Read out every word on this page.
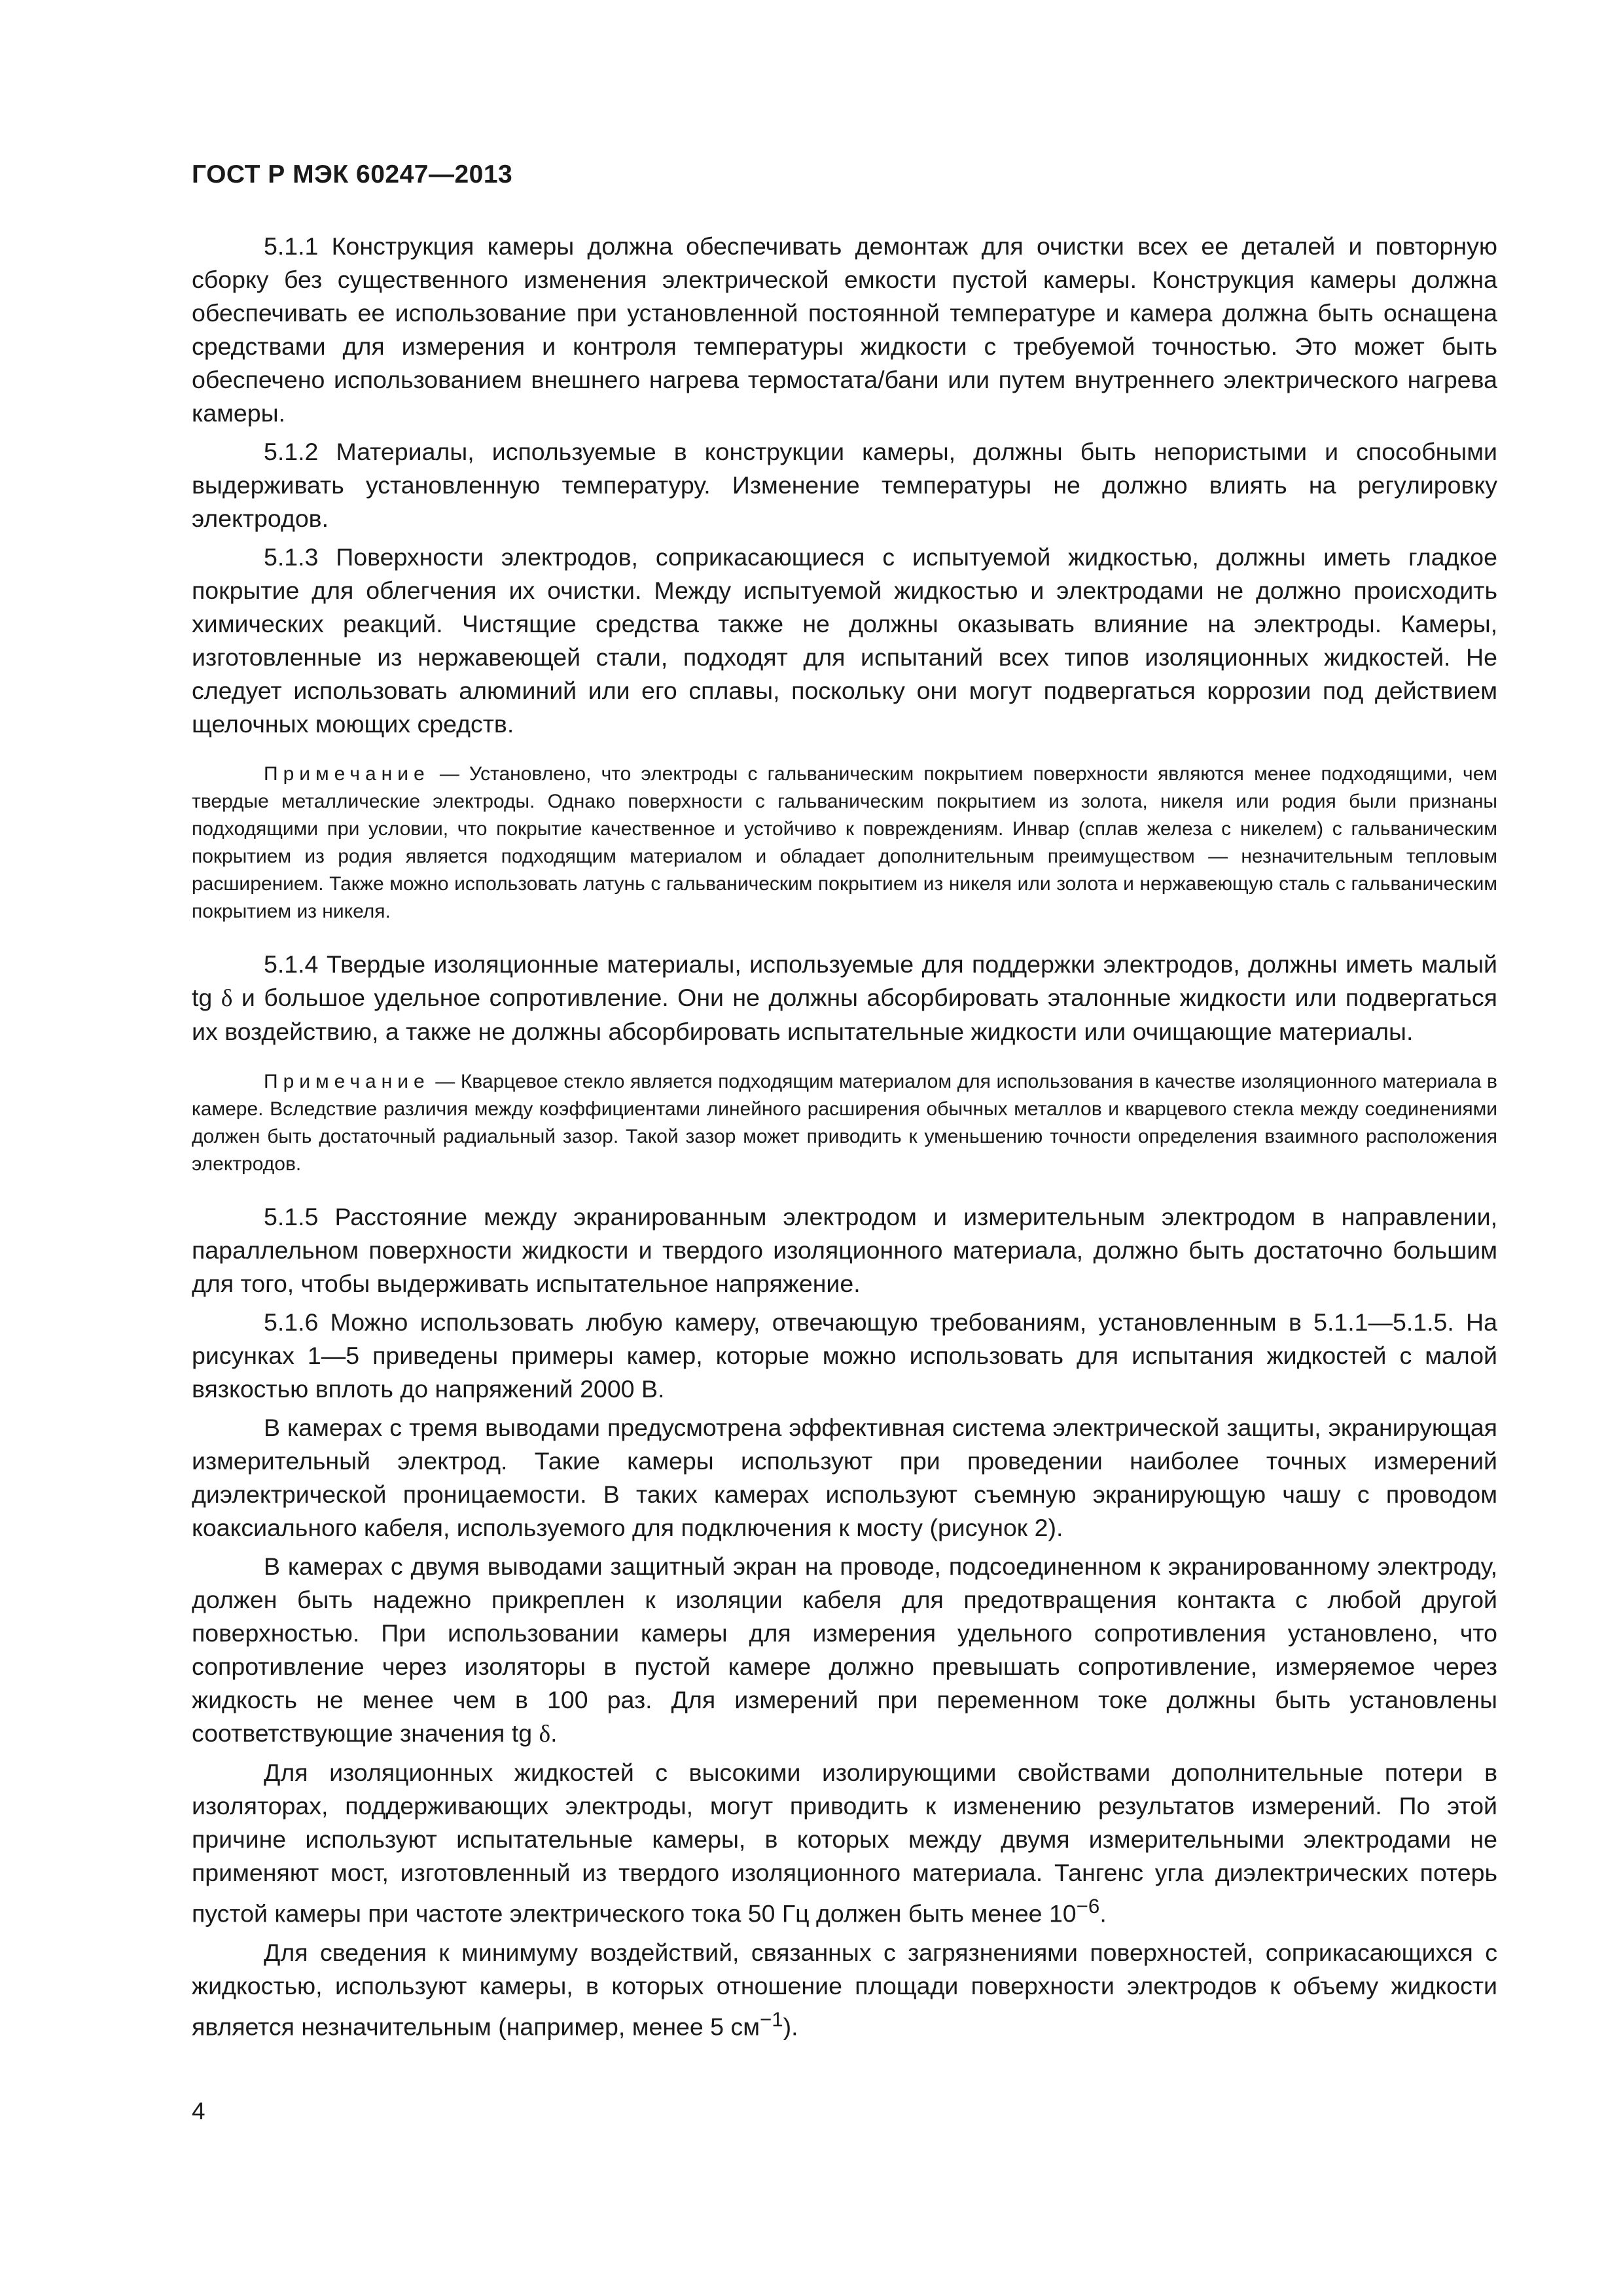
ГОСТ Р МЭК 60247—2013

5.1.1 Конструкция камеры должна обеспечивать демонтаж для очистки всех ее деталей и повторную сборку без существенного изменения электрической емкости пустой камеры. Конструкция камеры должна обеспечивать ее использование при установленной постоянной температуре и камера должна быть оснащена средствами для измерения и контроля температуры жидкости с требуемой точностью. Это может быть обеспечено использованием внешнего нагрева термостата/бани или путем внутреннего электрического нагрева камеры.

5.1.2 Материалы, используемые в конструкции камеры, должны быть непористыми и способными выдерживать установленную температуру. Изменение температуры не должно влиять на регулировку электродов.

5.1.3 Поверхности электродов, соприкасающиеся с испытуемой жидкостью, должны иметь гладкое покрытие для облегчения их очистки. Между испытуемой жидкостью и электродами не должно происходить химических реакций. Чистящие средства также не должны оказывать влияние на электроды. Камеры, изготовленные из нержавеющей стали, подходят для испытаний всех типов изоляционных жидкостей. Не следует использовать алюминий или его сплавы, поскольку они могут подвергаться коррозии под действием щелочных моющих средств.

Примечание — Установлено, что электроды с гальваническим покрытием поверхности являются менее подходящими, чем твердые металлические электроды. Однако поверхности с гальваническим покрытием из золота, никеля или родия были признаны подходящими при условии, что покрытие качественное и устойчиво к повреждениям. Инвар (сплав железа с никелем) с гальваническим покрытием из родия является подходящим материалом и обладает дополнительным преимуществом — незначительным тепловым расширением. Также можно использовать латунь с гальваническим покрытием из никеля или золота и нержавеющую сталь с гальваническим покрытием из никеля.

5.1.4 Твердые изоляционные материалы, используемые для поддержки электродов, должны иметь малый tg δ и большое удельное сопротивление. Они не должны абсорбировать эталонные жидкости или подвергаться их воздействию, а также не должны абсорбировать испытательные жидкости или очищающие материалы.

Примечание — Кварцевое стекло является подходящим материалом для использования в качестве изоляционного материала в камере. Вследствие различия между коэффициентами линейного расширения обычных металлов и кварцевого стекла между соединениями должен быть достаточный радиальный зазор. Такой зазор может приводить к уменьшению точности определения взаимного расположения электродов.

5.1.5 Расстояние между экранированным электродом и измерительным электродом в направлении, параллельном поверхности жидкости и твердого изоляционного материала, должно быть достаточно большим для того, чтобы выдерживать испытательное напряжение.

5.1.6 Можно использовать любую камеру, отвечающую требованиям, установленным в 5.1.1—5.1.5. На рисунках 1—5 приведены примеры камер, которые можно использовать для испытания жидкостей с малой вязкостью вплоть до напряжений 2000 В.

В камерах с тремя выводами предусмотрена эффективная система электрической защиты, экранирующая измерительный электрод. Такие камеры используют при проведении наиболее точных измерений диэлектрической проницаемости. В таких камерах используют съемную экранирующую чашу с проводом коаксиального кабеля, используемого для подключения к мосту (рисунок 2).

В камерах с двумя выводами защитный экран на проводе, подсоединенном к экранированному электроду, должен быть надежно прикреплен к изоляции кабеля для предотвращения контакта с любой другой поверхностью. При использовании камеры для измерения удельного сопротивления установлено, что сопротивление через изоляторы в пустой камере должно превышать сопротивление, измеряемое через жидкость не менее чем в 100 раз. Для измерений при переменном токе должны быть установлены соответствующие значения tg δ.

Для изоляционных жидкостей с высокими изолирующими свойствами дополнительные потери в изоляторах, поддерживающих электроды, могут приводить к изменению результатов измерений. По этой причине используют испытательные камеры, в которых между двумя измерительными электродами не применяют мост, изготовленный из твердого изоляционного материала. Тангенс угла диэлектрических потерь пустой камеры при частоте электрического тока 50 Гц должен быть менее $10^{-6}$.

Для сведения к минимуму воздействий, связанных с загрязнениями поверхностей, соприкасающихся с жидкостью, используют камеры, в которых отношение площади поверхности электродов к объему жидкости является незначительным (например, менее 5 $см^{-1}$).

4
